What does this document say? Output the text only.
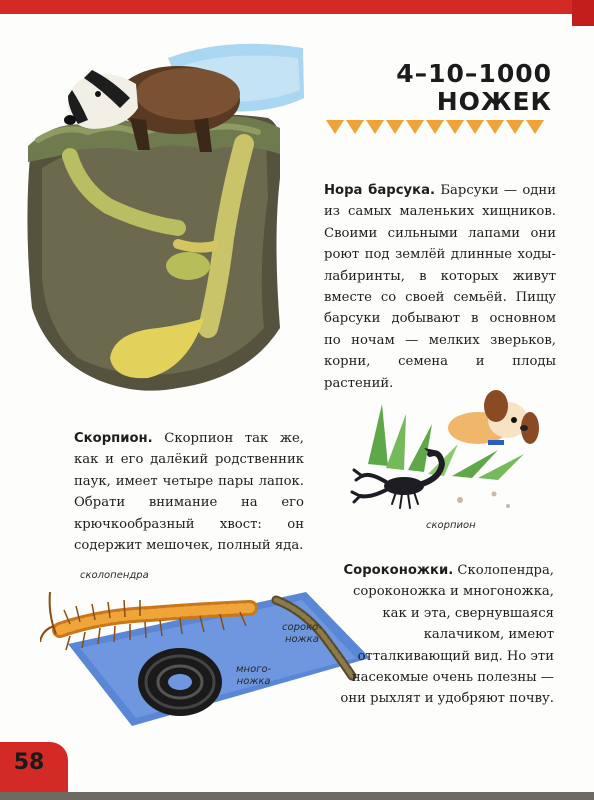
4–10–1000
НОЖЕК
Нора барсука. Барсуки — одни из самых маленьких хищников. Своими сильными лапами они роют под землёй длинные ходы-лабиринты, в которых живут вместе со своей семьёй. Пищу барсуки добывают в основном по ночам — мелких зверьков, корни, семена и плоды растений.
скорпион
Скорпион. Скорпион так же, как и его далёкий родственник паук, имеет четыре пары лапок. Обрати внимание на его крючкообразный хвост: он содержит мешочек, полный яда.
сколопендра
сороко-
ножка
много-
ножка
Сороконожки. Сколопендра, сороконожка и многоножка, как и эта, свернувшаяся калачиком, имеют отталкивающий вид. Но эти насекомые очень полезны — они рыхлят и удобряют почву.
58
